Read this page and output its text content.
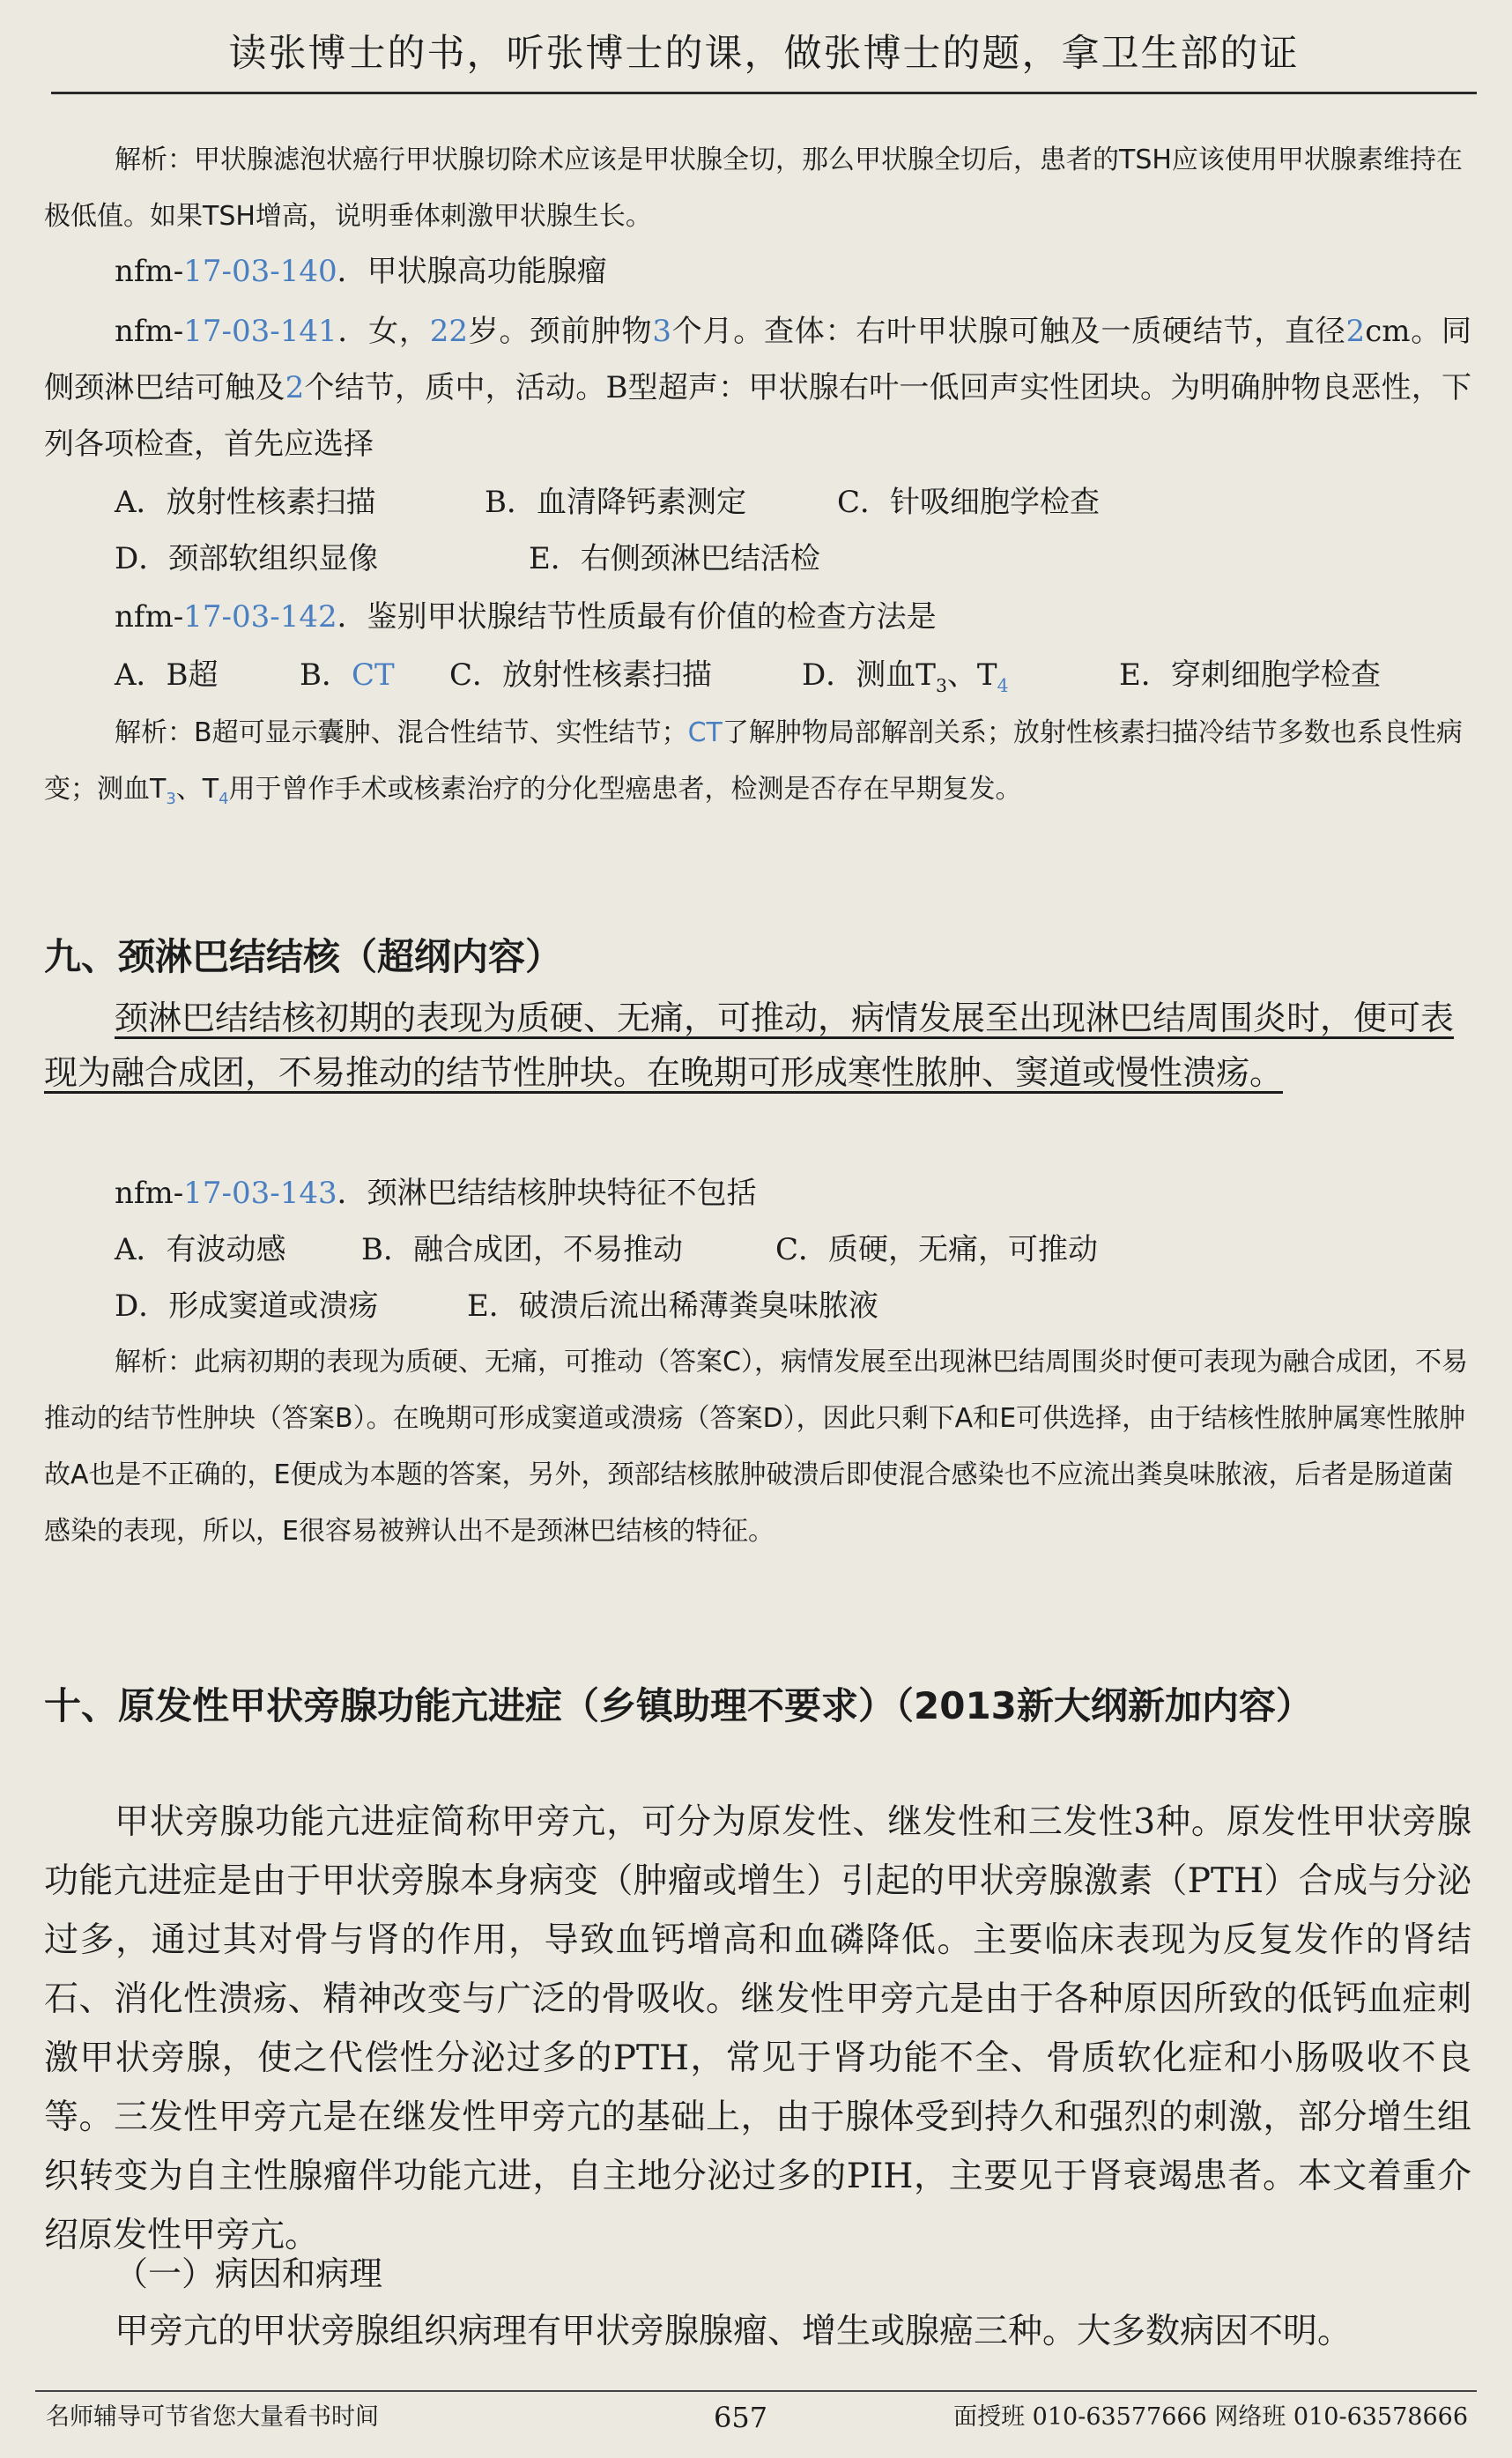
读张博士的书，听张博士的课，做张博士的题，拿卫生部的证
解析：甲状腺滤泡状癌行甲状腺切除术应该是甲状腺全切，那么甲状腺全切后，患者的TSH应该使用甲状腺素维持在极低值。如果TSH增高，说明垂体刺激甲状腺生长。
nfm-17-03-140．甲状腺高功能腺瘤
nfm-17-03-141．女，22岁。颈前肿物3个月。查体：右叶甲状腺可触及一质硬结节，直径2cm。同侧颈淋巴结可触及2个结节，质中，活动。B型超声：甲状腺右叶一低回声实性团块。为明确肿物良恶性，下列各项检查，首先应选择
A．放射性核素扫描	B．血清降钙素测定	C．针吸细胞学检查
D．颈部软组织显像	E．右侧颈淋巴结活检
nfm-17-03-142．鉴别甲状腺结节性质最有价值的检查方法是
A．B超	B．CT C．放射性核素扫描	D．测血$T_3$、$T_4$	E．穿刺细胞学检查
解析：B超可显示囊肿、混合性结节、实性结节；CT了解肿物局部解剖关系；放射性核素扫描冷结节多数也系良性病变；测血$T_3$、$T_4$用于曾作手术或核素治疗的分化型癌患者，检测是否存在早期复发。
九、颈淋巴结结核（超纲内容）
颈淋巴结结核初期的表现为质硬、无痛，可推动，病情发展至出现淋巴结周围炎时，便可表现为融合成团，不易推动的结节性肿块。在晚期可形成寒性脓肿、窦道或慢性溃疡。
nfm-17-03-143．颈淋巴结结核肿块特征不包括
A．有波动感	B．融合成团，不易推动	C．质硬，无痛，可推动
D．形成窦道或溃疡	E．破溃后流出稀薄粪臭味脓液
解析：此病初期的表现为质硬、无痛，可推动（答案C），病情发展至出现淋巴结周围炎时便可表现为融合成团，不易推动的结节性肿块（答案B）。在晚期可形成窦道或溃疡（答案D），因此只剩下A和E可供选择，由于结核性脓肿属寒性脓肿故A也是不正确的，E便成为本题的答案，另外，颈部结核脓肿破溃后即使混合感染也不应流出粪臭味脓液，后者是肠道菌感染的表现，所以，E很容易被辨认出不是颈淋巴结核的特征。
十、原发性甲状旁腺功能亢进症（乡镇助理不要求）（2013新大纲新加内容）
甲状旁腺功能亢进症简称甲旁亢，可分为原发性、继发性和三发性3种。原发性甲状旁腺功能亢进症是由于甲状旁腺本身病变（肿瘤或增生）引起的甲状旁腺激素（PTH）合成与分泌过多，通过其对骨与肾的作用，导致血钙增高和血磷降低。主要临床表现为反复发作的肾结石、消化性溃疡、精神改变与广泛的骨吸收。继发性甲旁亢是由于各种原因所致的低钙血症刺激甲状旁腺，使之代偿性分泌过多的PTH，常见于肾功能不全、骨质软化症和小肠吸收不良等。三发性甲旁亢是在继发性甲旁亢的基础上，由于腺体受到持久和强烈的刺激，部分增生组织转变为自主性腺瘤伴功能亢进，自主地分泌过多的PIH，主要见于肾衰竭患者。本文着重介绍原发性甲旁亢。
（一）病因和病理
甲旁亢的甲状旁腺组织病理有甲状旁腺腺瘤、增生或腺癌三种。大多数病因不明。
名师辅导可节省您大量看书时间	657	面授班 010-63577666 网络班 010-63578666
